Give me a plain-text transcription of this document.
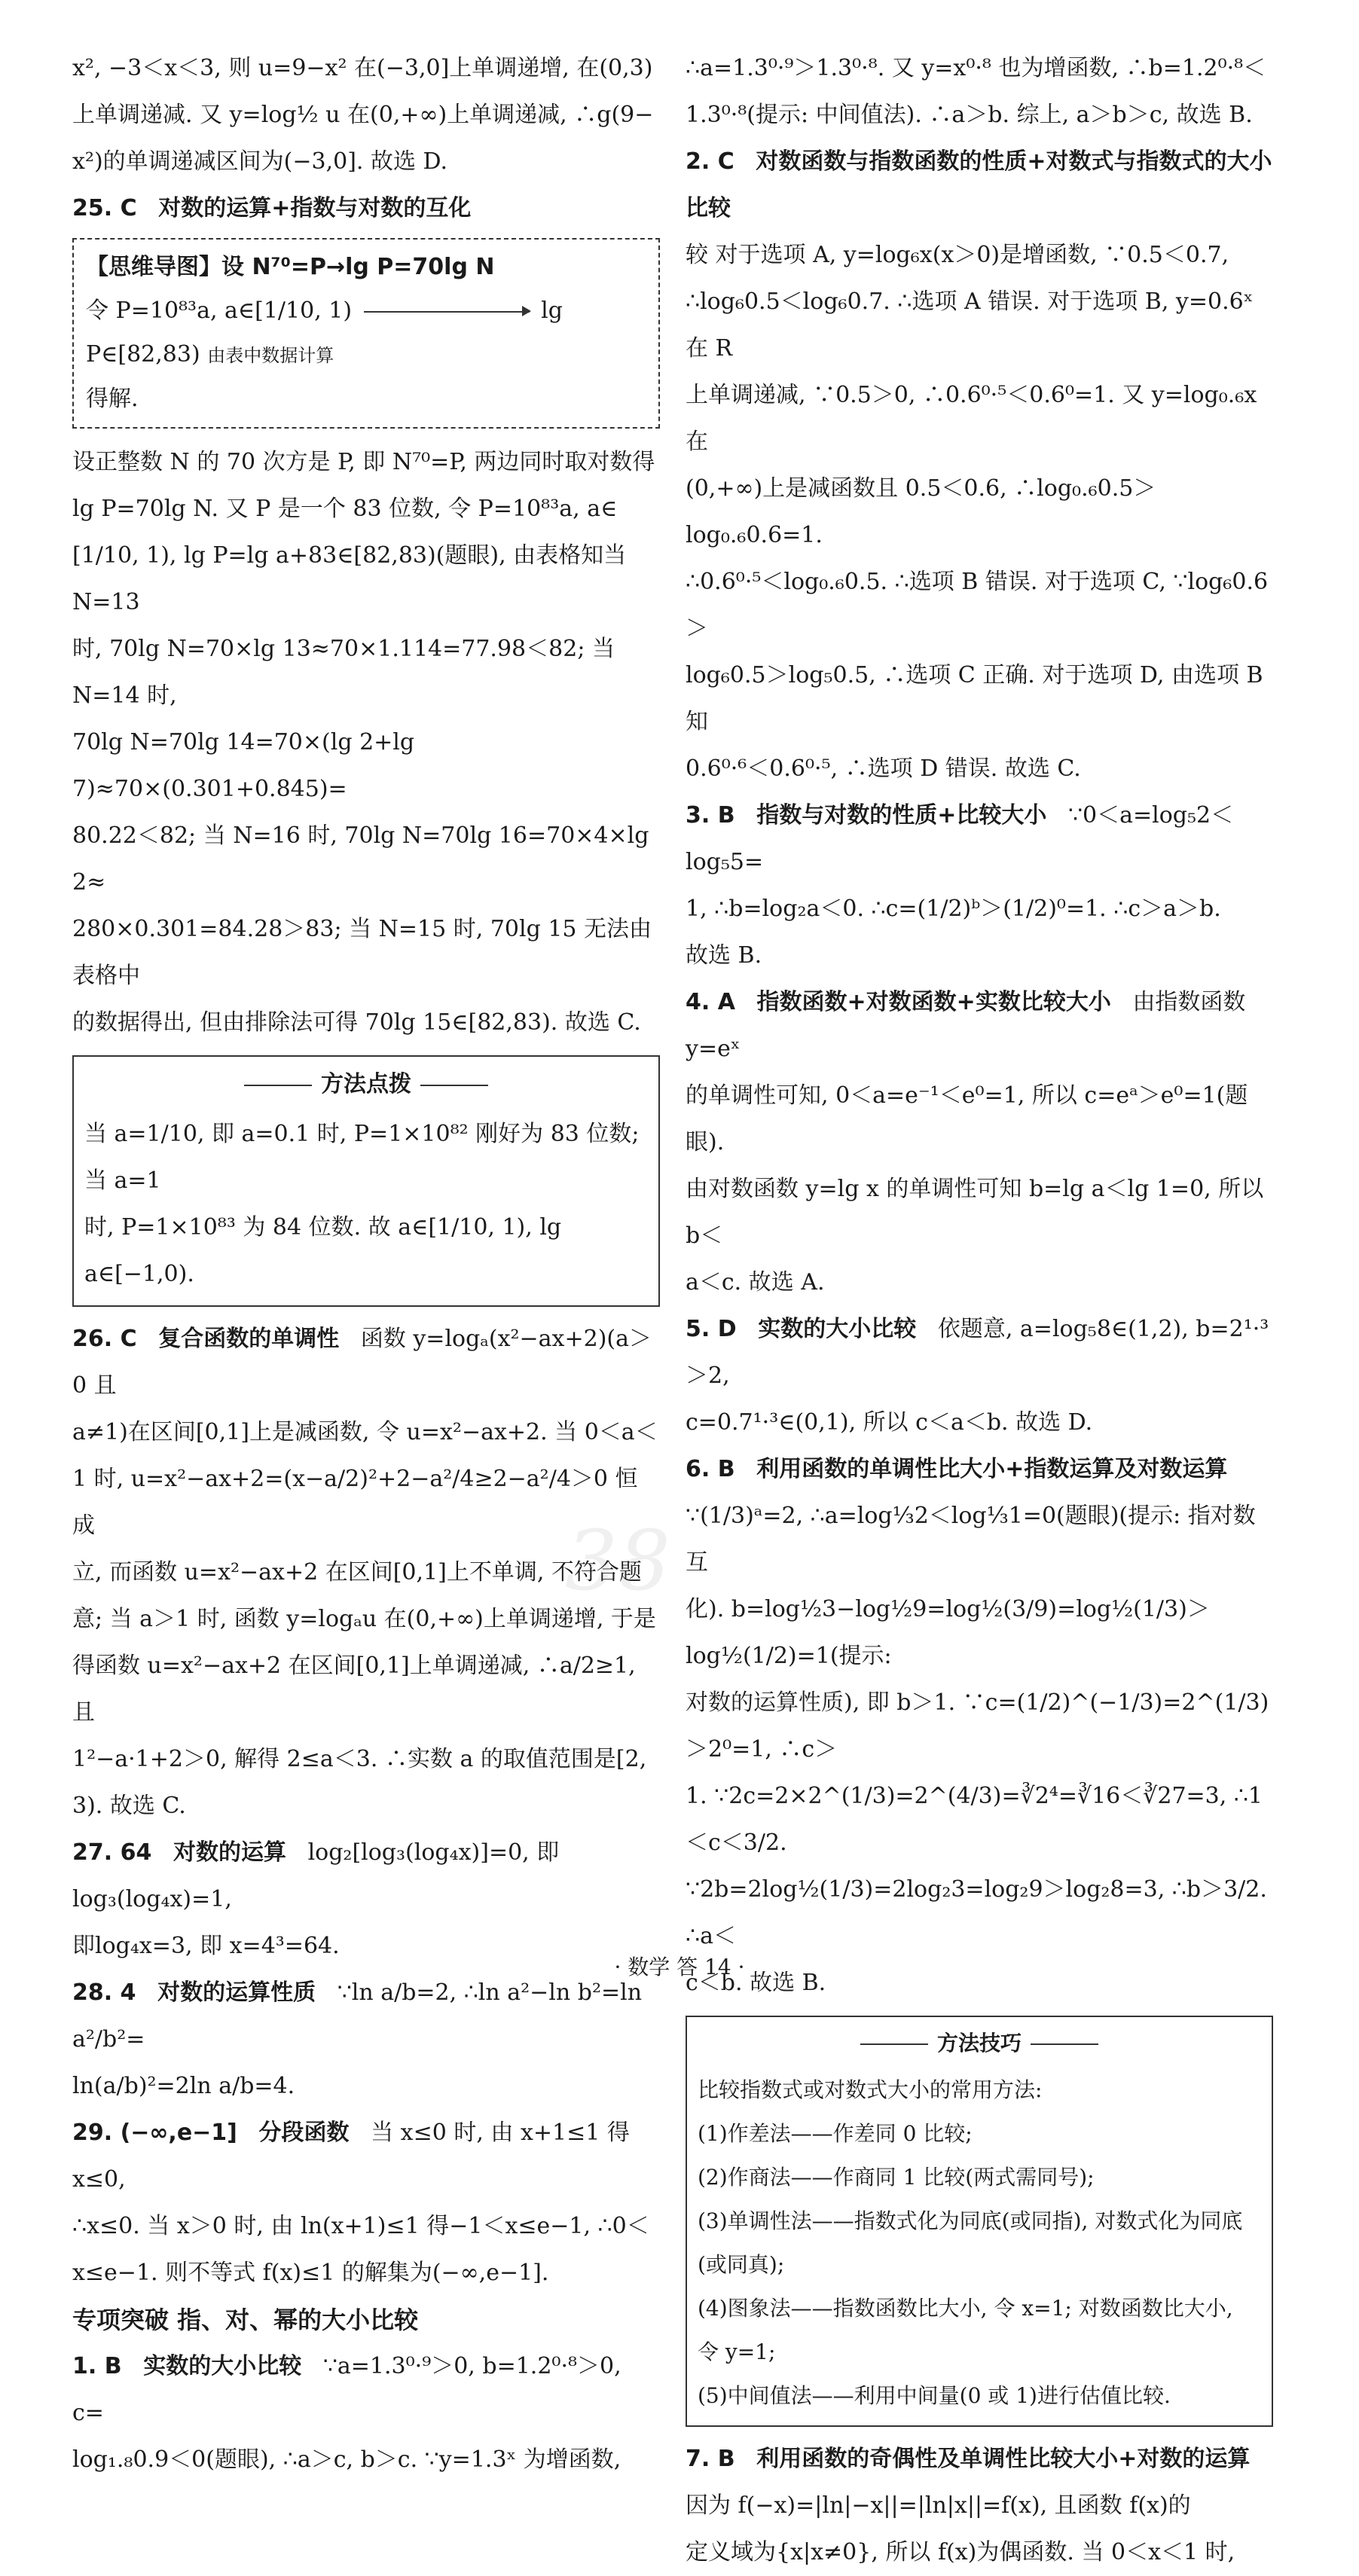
x², −3＜x＜3, 则 u=9−x² 在(−3,0]上单调递增, 在(0,3)

上单调递减. 又 y=log½ u 在(0,+∞)上单调递减, ∴g(9−

x²)的单调递减区间为(−3,0]. 故选 D.

25. C 对数的运算+指数与对数的互化

【思维导图】设 N⁷⁰=P→lg P=70lg N
令 P=10⁸³a, a∈[1/10, 1)	lg P∈[82,83) 由表中数据计算
得解.

设正整数 N 的 70 次方是 P, 即 N⁷⁰=P, 两边同时取对数得

lg P=70lg N. 又 P 是一个 83 位数, 令 P=10⁸³a, a∈

[1/10, 1), lg P=lg a+83∈[82,83)(题眼), 由表格知当 N=13

时, 70lg N=70×lg 13≈70×1.114=77.98＜82; 当 N=14 时,

70lg N=70lg 14=70×(lg 2+lg 7)≈70×(0.301+0.845)=

80.22＜82; 当 N=16 时, 70lg N=70lg 16=70×4×lg 2≈

280×0.301=84.28＞83; 当 N=15 时, 70lg 15 无法由表格中

的数据得出, 但由排除法可得 70lg 15∈[82,83). 故选 C.

方法点拨
当 a=1/10, 即 a=0.1 时, P=1×10⁸² 刚好为 83 位数; 当 a=1
时, P=1×10⁸³ 为 84 位数. 故 a∈[1/10, 1), lg a∈[−1,0).

26. C 复合函数的单调性 函数 y=logₐ(x²−ax+2)(a＞0 且

a≠1)在区间[0,1]上是减函数, 令 u=x²−ax+2. 当 0＜a＜

1 时, u=x²−ax+2=(x−a/2)²+2−a²/4≥2−a²/4＞0 恒成

立, 而函数 u=x²−ax+2 在区间[0,1]上不单调, 不符合题

意; 当 a＞1 时, 函数 y=logₐu 在(0,+∞)上单调递增, 于是

得函数 u=x²−ax+2 在区间[0,1]上单调递减, ∴a/2≥1, 且

1²−a·1+2＞0, 解得 2≤a＜3. ∴实数 a 的取值范围是[2,

3). 故选 C.

27. 64 对数的运算 log₂[log₃(log₄x)]=0, 即log₃(log₄x)=1,

即log₄x=3, 即 x=4³=64.

28. 4 对数的运算性质 ∵ln a/b=2, ∴ln a²−ln b²=ln a²/b²=

ln(a/b)²=2ln a/b=4.

29. (−∞,e−1] 分段函数 当 x≤0 时, 由 x+1≤1 得 x≤0,

∴x≤0. 当 x＞0 时, 由 ln(x+1)≤1 得−1＜x≤e−1, ∴0＜

x≤e−1. 则不等式 f(x)≤1 的解集为(−∞,e−1].

专项突破 指、对、幂的大小比较

1. B 实数的大小比较 ∵a=1.3⁰·⁹＞0, b=1.2⁰·⁸＞0, c=

log₁.₈0.9＜0(题眼), ∴a＞c, b＞c. ∵y=1.3ˣ 为增函数,

∴a=1.3⁰·⁹＞1.3⁰·⁸. 又 y=x⁰·⁸ 也为增函数, ∴b=1.2⁰·⁸＜

1.3⁰·⁸(提示: 中间值法). ∴a＞b. 综上, a＞b＞c, 故选 B.

2. C 对数函数与指数函数的性质+对数式与指数式的大小比较

较 对于选项 A, y=log₆x(x＞0)是增函数, ∵0.5＜0.7,

∴log₆0.5＜log₆0.7. ∴选项 A 错误. 对于选项 B, y=0.6ˣ 在 R

上单调递减, ∵0.5＞0, ∴0.6⁰·⁵＜0.6⁰=1. 又 y=log₀.₆x 在

(0,+∞)上是减函数且 0.5＜0.6, ∴log₀.₆0.5＞log₀.₆0.6=1.

∴0.6⁰·⁵＜log₀.₆0.5. ∴选项 B 错误. 对于选项 C, ∵log₆0.6＞

log₆0.5＞log₅0.5, ∴选项 C 正确. 对于选项 D, 由选项 B 知

0.6⁰·⁶＜0.6⁰·⁵, ∴选项 D 错误. 故选 C.

3. B 指数与对数的性质+比较大小 ∵0＜a=log₅2＜log₅5=

1, ∴b=log₂a＜0. ∴c=(1/2)ᵇ＞(1/2)⁰=1. ∴c＞a＞b.

故选 B.

4. A 指数函数+对数函数+实数比较大小 由指数函数 y=eˣ

的单调性可知, 0＜a=e⁻¹＜e⁰=1, 所以 c=eᵃ＞e⁰=1(题眼).

由对数函数 y=lg x 的单调性可知 b=lg a＜lg 1=0, 所以 b＜

a＜c. 故选 A.

5. D 实数的大小比较 依题意, a=log₅8∈(1,2), b=2¹·³＞2,

c=0.7¹·³∈(0,1), 所以 c＜a＜b. 故选 D.

6. B 利用函数的单调性比大小+指数运算及对数运算

∵(1/3)ᵃ=2, ∴a=log⅓2＜log⅓1=0(题眼)(提示: 指对数互

化). b=log½3−log½9=log½(3/9)=log½(1/3)＞log½(1/2)=1(提示:

对数的运算性质), 即 b＞1. ∵c=(1/2)^(−1/3)=2^(1/3)＞2⁰=1, ∴c＞

1. ∵2c=2×2^(1/3)=2^(4/3)=∛2⁴=∛16＜∛27=3, ∴1＜c＜3/2.

∵2b=2log½(1/3)=2log₂3=log₂9＞log₂8=3, ∴b＞3/2. ∴a＜

c＜b. 故选 B.

方法技巧
比较指数式或对数式大小的常用方法:
(1)作差法——作差同 0 比较;
(2)作商法——作商同 1 比较(两式需同号);
(3)单调性法——指数式化为同底(或同指), 对数式化为同底
(或同真);
(4)图象法——指数函数比大小, 令 x=1; 对数函数比大小,
令 y=1;
(5)中间值法——利用中间量(0 或 1)进行估值比较.

7. B 利用函数的奇偶性及单调性比较大小+对数的运算

因为 f(−x)=|ln|−x||=|ln|x||=f(x), 且函数 f(x)的

定义域为{x|x≠0}, 所以 f(x)为偶函数. 当 0＜x＜1 时,

38
· 数学 答 14 ·
